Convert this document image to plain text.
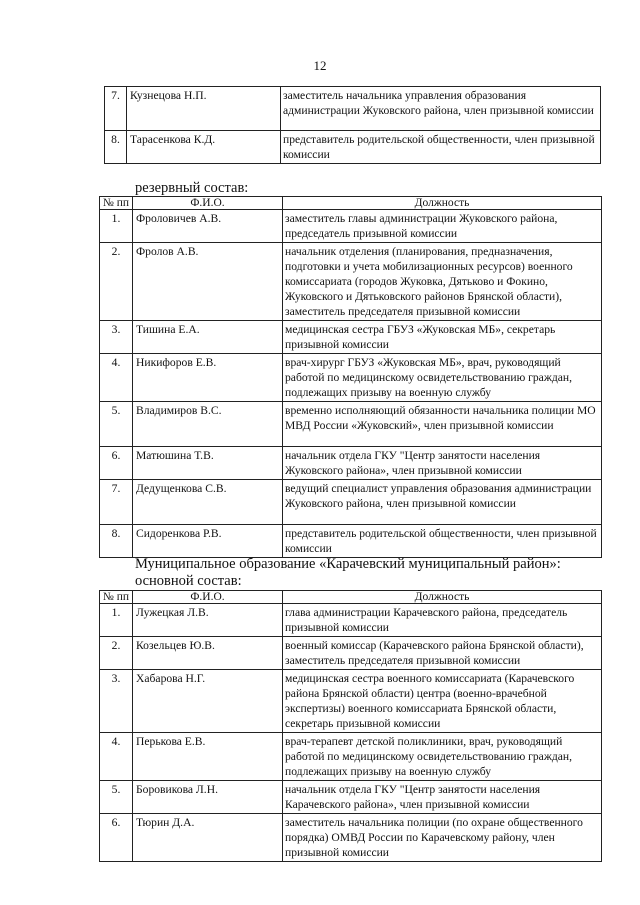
12
7.	Кузнецова Н.П.	заместитель начальника управления образования администрации Жуковского района, член призывной комиссии
8.	Тарасенкова К.Д.	представитель родительской общественности, член призывной комиссии

резервный состав:

№ пп	Ф.И.О.	Должность
1.	Фроловичев А.В.	заместитель главы администрации Жуковского района, председатель призывной комиссии
2.	Фролов А.В.	начальник отделения (планирования, предназначения, подготовки и учета мобилизационных ресурсов) военного комиссариата (городов Жуковка, Дятьково и Фокино, Жуковского и Дятьковского районов Брянской области), заместитель председателя призывной комиссии
3.	Тишина Е.А.	медицинская сестра ГБУЗ «Жуковская МБ», секретарь призывной комиссии
4.	Никифоров Е.В.	врач-хирург ГБУЗ «Жуковская МБ», врач, руководящий работой по медицинскому освидетельствованию граждан, подлежащих призыву на военную службу
5.	Владимиров В.С.	временно исполняющий обязанности начальника полиции МО МВД России «Жуковский», член призывной комиссии
6.	Матюшина Т.В.	начальник отдела ГКУ "Центр занятости населения Жуковского района», член призывной комиссии
7.	Дедущенкова С.В.	ведущий специалист управления образования администрации Жуковского района, член призывной комиссии
8.	Сидоренкова Р.В.	представитель родительской общественности, член призывной комиссии

Муниципальное образование «Карачевский муниципальный район»:
основной состав:

№ пп	Ф.И.О.	Должность
1.	Лужецкая Л.В.	глава администрации Карачевского района, председатель призывной комиссии
2.	Козельцев Ю.В.	военный комиссар (Карачевского района Брянской области), заместитель председателя призывной комиссии
3.	Хабарова Н.Г.	медицинская сестра военного комиссариата (Карачевского района Брянской области) центра (военно-врачебной экспертизы) военного комиссариата Брянской области, секретарь призывной комиссии
4.	Перькова Е.В.	врач-терапевт детской поликлиники, врач, руководящий работой по медицинскому освидетельствованию граждан, подлежащих призыву на военную службу
5.	Боровикова Л.Н.	начальник отдела ГКУ "Центр занятости населения Карачевского района», член призывной комиссии
6.	Тюрин Д.А.	заместитель начальника полиции (по охране общественного порядка) ОМВД России по Карачевскому району, член призывной комиссии
